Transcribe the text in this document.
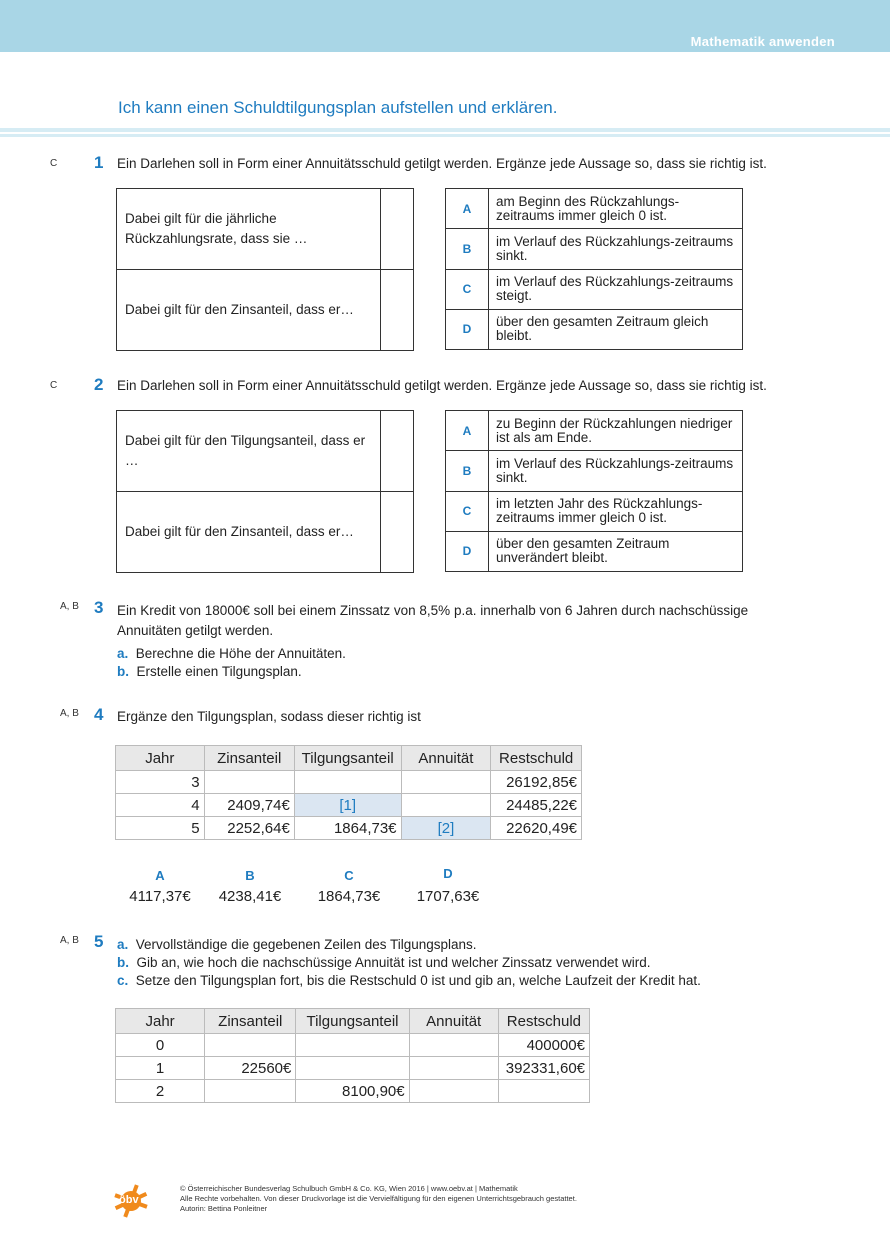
Mathematik anwenden
Ich kann einen Schuldtilgungsplan aufstellen und erklären.
C 1 Ein Darlehen soll in Form einer Annuitätsschuld getilgt werden. Ergänze jede Aussage so, dass sie richtig ist.
Dabei gilt für die jährliche Rückzahlungsrate, dass sie …	
Dabei gilt für den Zinsanteil, dass er…	
A	am Beginn des Rückzahlungs-zeitraums immer gleich 0 ist.
B	im Verlauf des Rückzahlungs-zeitraums sinkt.
C	im Verlauf des Rückzahlungs-zeitraums steigt.
D	über den gesamten Zeitraum gleich bleibt.
C 2 Ein Darlehen soll in Form einer Annuitätsschuld getilgt werden. Ergänze jede Aussage so, dass sie richtig ist.
Dabei gilt für den Tilgungsanteil, dass er …	
Dabei gilt für den Zinsanteil, dass er…	
A	zu Beginn der Rückzahlungen niedriger ist als am Ende.
B	im Verlauf des Rückzahlungs-zeitraums sinkt.
C	im letzten Jahr des Rückzahlungs-zeitraums immer gleich 0 ist.
D	über den gesamten Zeitraum unverändert bleibt.
A, B 3 Ein Kredit von 18000€ soll bei einem Zinssatz von 8,5% p.a. innerhalb von 6 Jahren durch nachschüssige Annuitäten getilgt werden.
a. Berechne die Höhe der Annuitäten.
b. Erstelle einen Tilgungsplan.
A, B 4 Ergänze den Tilgungsplan, sodass dieser richtig ist
Jahr	Zinsanteil	Tilgungsanteil	Annuität	Restschuld
3				26192,85€
4	2409,74€	[1]		24485,22€
5	2252,64€	1864,73€	[2]	22620,49€
A	B	C	D
4117,37€	4238,41€	1864,73€	1707,63€
A, B 5 a. Vervollständige die gegebenen Zeilen des Tilgungsplans.
b. Gib an, wie hoch die nachschüssige Annuität ist und welcher Zinssatz verwendet wird.
c. Setze den Tilgungsplan fort, bis die Restschuld 0 ist und gib an, welche Laufzeit der Kredit hat.
Jahr	Zinsanteil	Tilgungsanteil	Annuität	Restschuld
0				400000€
1	22560€			392331,60€
2		8100,90€		
öbv
© Österreichischer Bundesverlag Schulbuch GmbH & Co. KG, Wien 2016 | www.oebv.at | Mathematik
Alle Rechte vorbehalten. Von dieser Druckvorlage ist die Vervielfältigung für den eigenen Unterrichtsgebrauch gestattet.
Autorin: Bettina Ponleitner
